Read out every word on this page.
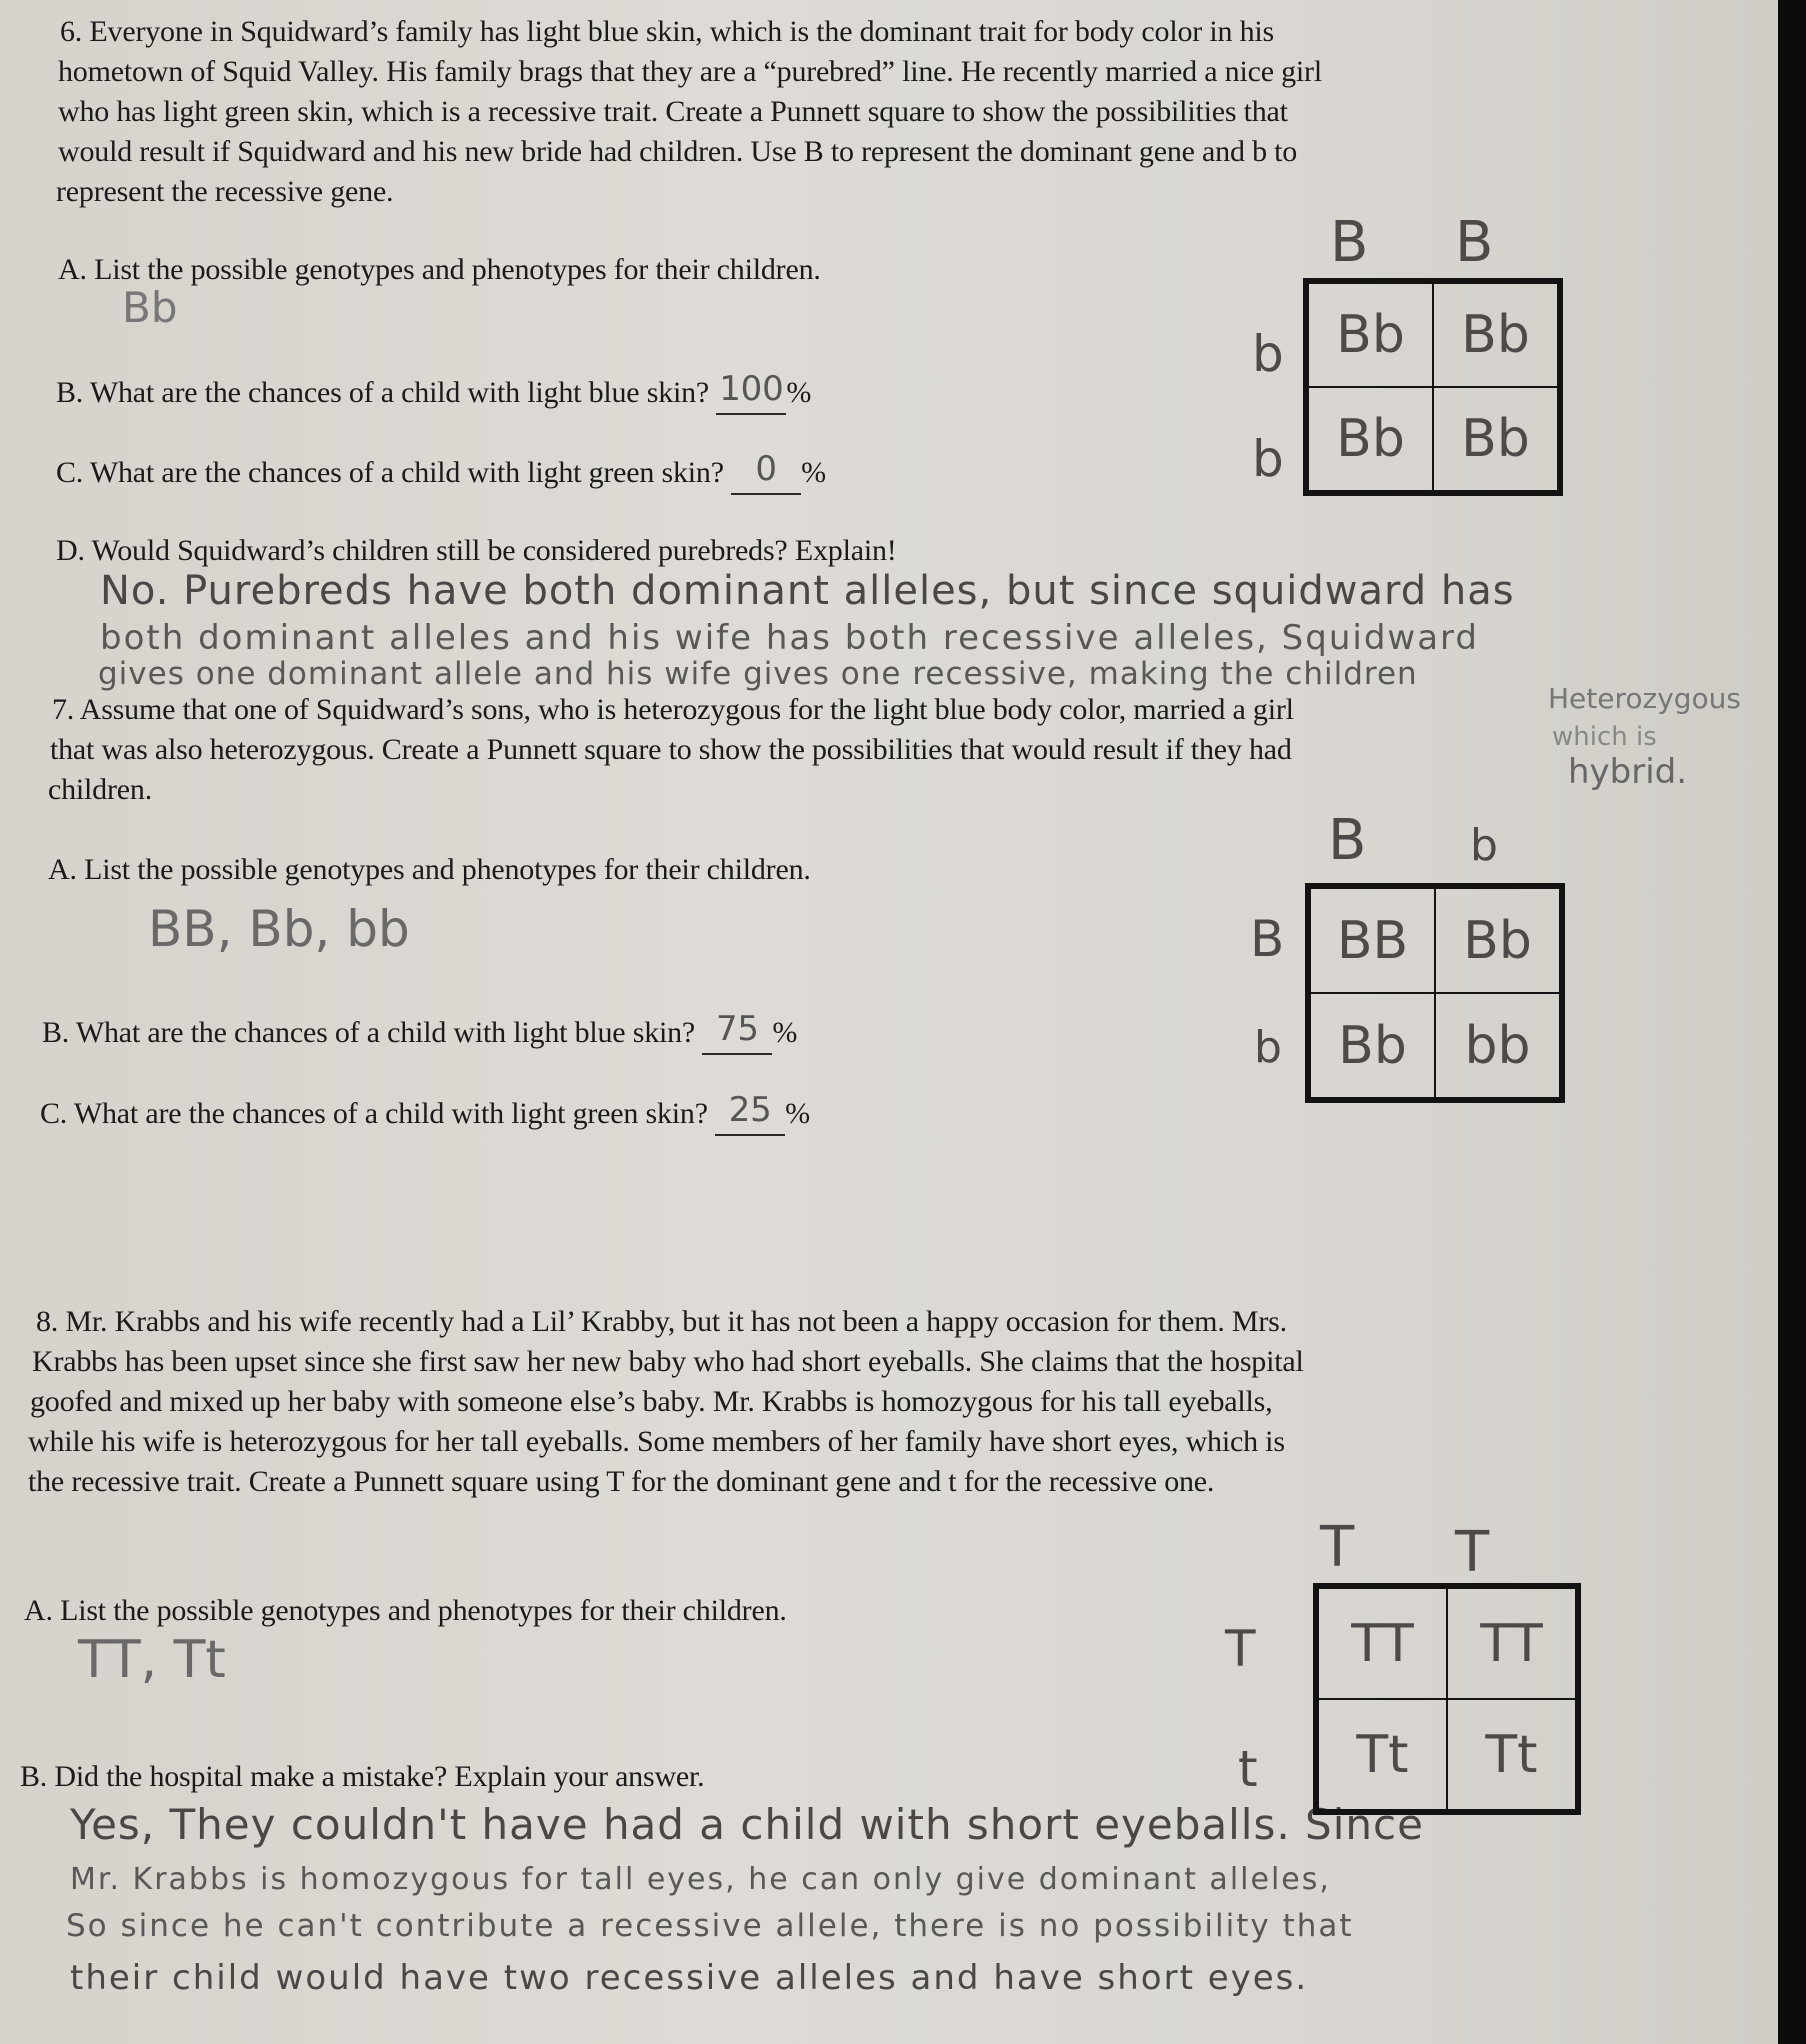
6. Everyone in Squidward’s family has light blue skin, which is the dominant trait for body color in his
hometown of Squid Valley. His family brags that they are a “purebred” line. He recently married a nice girl
who has light green skin, which is a recessive trait. Create a Punnett square to show the possibilities that
would result if Squidward and his new bride had children. Use B to represent the dominant gene and b to
represent the recessive gene.
A. List the possible genotypes and phenotypes for their children.
Bb
B. What are the chances of a child with light blue skin? 100%
C. What are the chances of a child with light green skin? 0 %
D. Would Squidward’s children still be considered purebreds? Explain!
No. Purebreds have both dominant alleles, but since squidward has
both dominant alleles and his wife has both recessive alleles, Squidward
gives one dominant allele and his wife gives one recessive, making the children
B B
b
b
Bb	Bb
Bb	Bb
7. Assume that one of Squidward’s sons, who is heterozygous for the light blue body color, married a girl
that was also heterozygous. Create a Punnett square to show the possibilities that would result if they had
children.
Heterozygous
which is
hybrid.
A. List the possible genotypes and phenotypes for their children.
BB, Bb, bb
B. What are the chances of a child with light blue skin? 75 %
C. What are the chances of a child with light green skin? 25 %
B b
B
b
BB	Bb
Bb	bb
8. Mr. Krabbs and his wife recently had a Lil’ Krabby, but it has not been a happy occasion for them. Mrs.
Krabbs has been upset since she first saw her new baby who had short eyeballs. She claims that the hospital
goofed and mixed up her baby with someone else’s baby. Mr. Krabbs is homozygous for his tall eyeballs,
while his wife is heterozygous for her tall eyeballs. Some members of her family have short eyes, which is
the recessive trait. Create a Punnett square using T for the dominant gene and t for the recessive one.
A. List the possible genotypes and phenotypes for their children.
TT, Tt
B. Did the hospital make a mistake? Explain your answer.
Yes, They couldn't have had a child with short eyeballs. Since
Mr. Krabbs is homozygous for tall eyes, he can only give dominant alleles,
So since he can't contribute a recessive allele, there is no possibility that
their child would have two recessive alleles and have short eyes.
T T
T
t
TT	TT
Tt	Tt
